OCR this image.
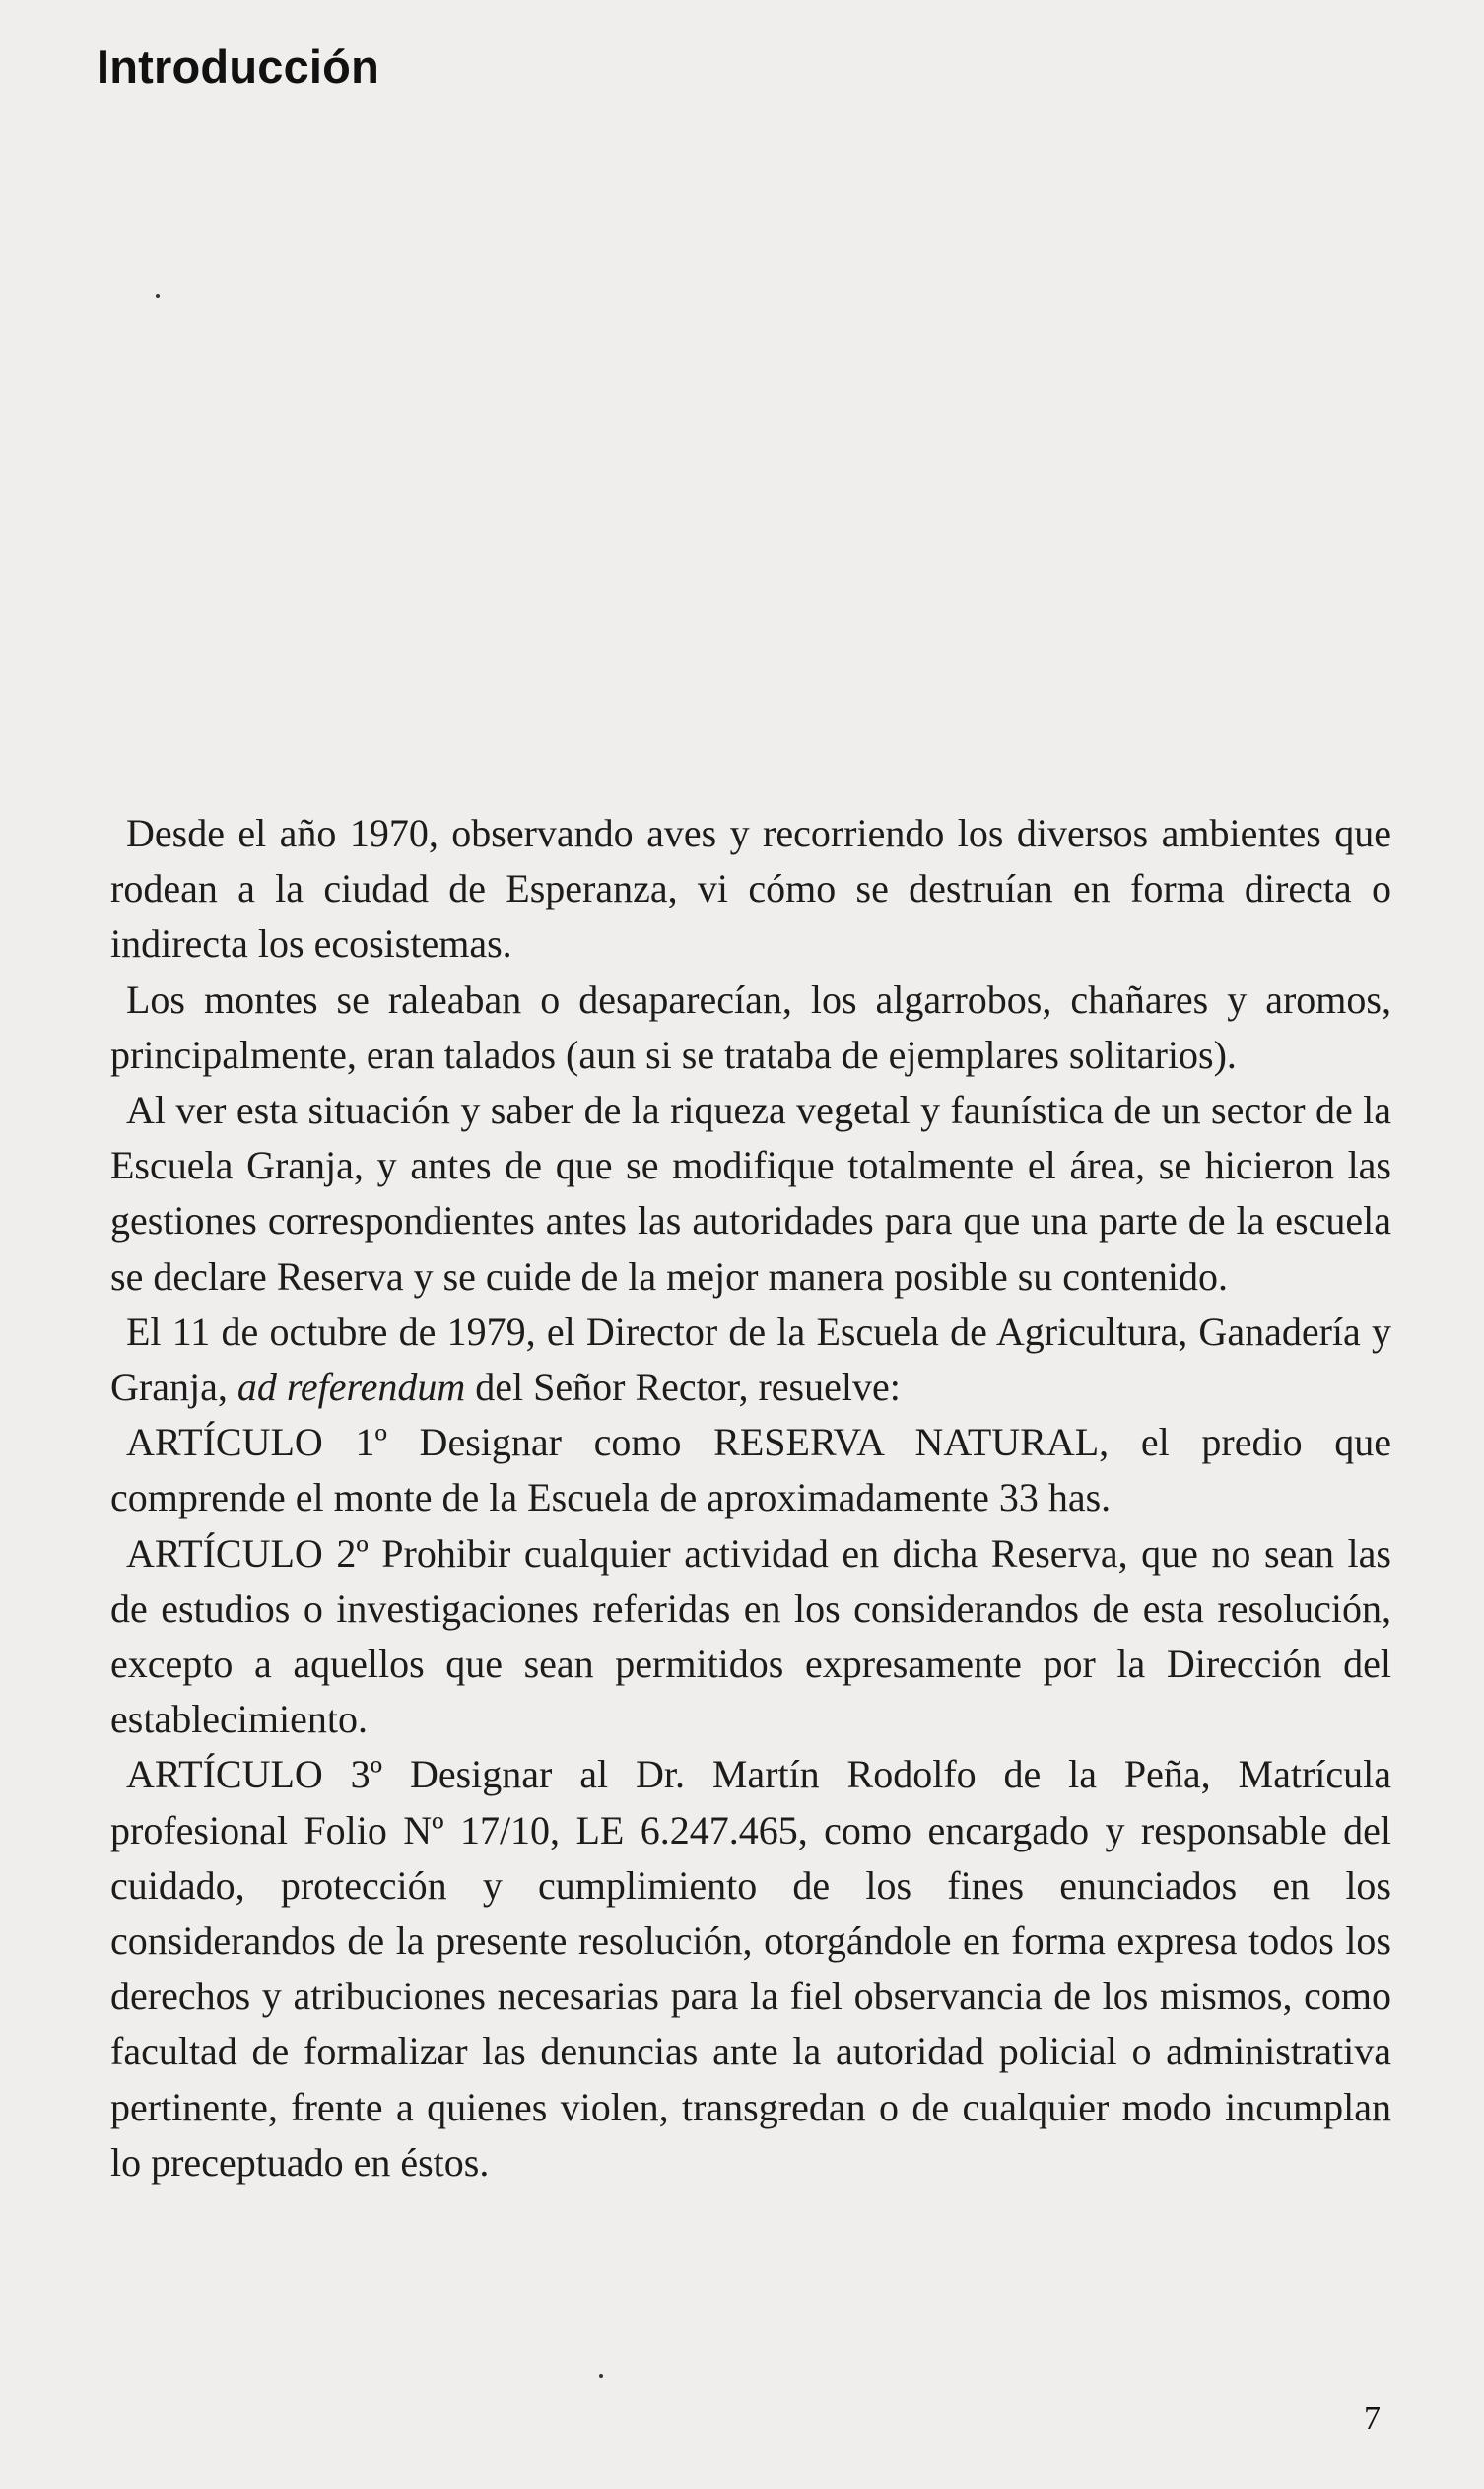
Introducción

Desde el año 1970, observando aves y recorriendo los diversos ambientes que rodean a la ciudad de Esperanza, vi cómo se destruían en forma directa o indirecta los ecosistemas.

Los montes se raleaban o desaparecían, los algarrobos, chañares y aromos, principalmente, eran talados (aun si se trataba de ejemplares solitarios).

Al ver esta situación y saber de la riqueza vegetal y faunística de un sector de la Escuela Granja, y antes de que se modifique totalmente el área, se hicieron las gestiones correspondientes antes las autoridades para que una parte de la escuela se declare Reserva y se cuide de la mejor manera posible su contenido.

El 11 de octubre de 1979, el Director de la Escuela de Agricultura, Ganadería y Granja, ad referendum del Señor Rector, resuelve:

ARTÍCULO 1º Designar como RESERVA NATURAL, el predio que comprende el monte de la Escuela de aproximadamente 33 has.

ARTÍCULO 2º Prohibir cualquier actividad en dicha Reserva, que no sean las de estudios o investigaciones referidas en los considerandos de esta resolución, excepto a aquellos que sean permitidos expresamente por la Dirección del establecimiento.

ARTÍCULO 3º Designar al Dr. Martín Rodolfo de la Peña, Matrícula profesional Folio Nº 17/10, LE 6.247.465, como encargado y responsable del cuidado, protección y cumplimiento de los fines enunciados en los considerandos de la presente resolución, otorgándole en forma expresa todos los derechos y atribuciones necesarias para la fiel observancia de los mismos, como facultad de formalizar las denuncias ante la autoridad policial o administrativa pertinente, frente a quienes violen, transgredan o de cualquier modo incumplan lo preceptuado en éstos.

7
